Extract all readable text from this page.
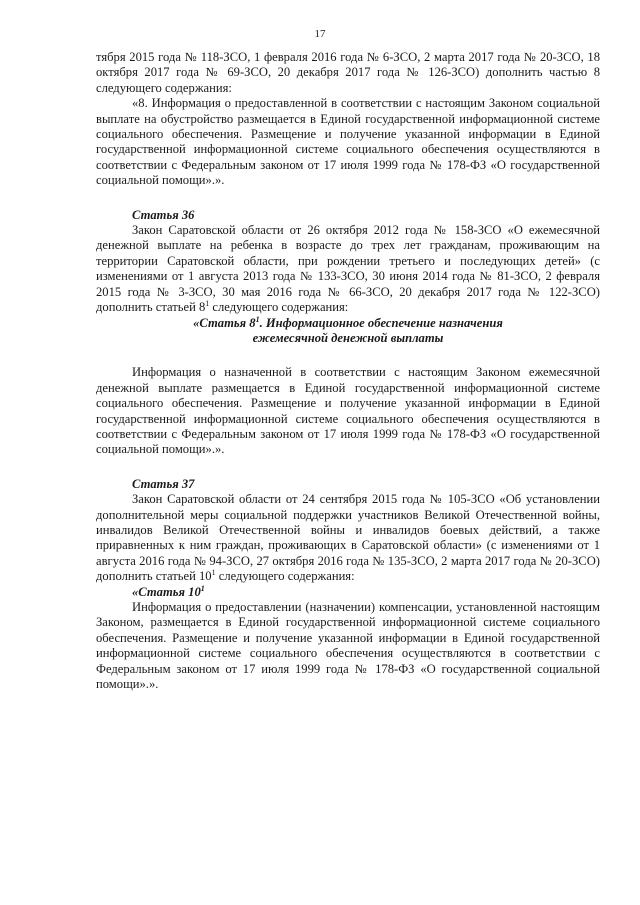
17

тября 2015 года № 118-ЗСО, 1 февраля 2016 года № 6-ЗСО, 2 марта 2017 года № 20-ЗСО, 18 октября 2017 года № 69-ЗСО, 20 декабря 2017 года № 126-ЗСО) дополнить частью 8 следующего содержания:

«8. Информация о предоставленной в соответствии с настоящим Законом социальной выплате на обустройство размещается в Единой государственной информационной системе социального обеспечения. Размещение и получение указанной информации в Единой государственной информационной системе социального обеспечения осуществляются в соответствии с Федеральным законом от 17 июля 1999 года № 178-ФЗ «О государственной социальной помощи».».

Статья 36

Закон Саратовской области от 26 октября 2012 года № 158-ЗСО «О ежемесячной денежной выплате на ребенка в возрасте до трех лет гражданам, проживающим на территории Саратовской области, при рождении третьего и последующих детей» (с изменениями от 1 августа 2013 года № 133-ЗСО, 30 июня 2014 года № 81-ЗСО, 2 февраля 2015 года № 3-ЗСО, 30 мая 2016 года № 66-ЗСО, 20 декабря 2017 года № 122-ЗСО) дополнить статьей $8^1$ следующего содержания:

«Статья $8^1$. Информационное обеспечение назначения
ежемесячной денежной выплаты

Информация о назначенной в соответствии с настоящим Законом ежемесячной денежной выплате размещается в Единой государственной информационной системе социального обеспечения. Размещение и получение указанной информации в Единой государственной информационной системе социального обеспечения осуществляются в соответствии с Федеральным законом от 17 июля 1999 года № 178-ФЗ «О государственной социальной помощи».».

Статья 37

Закон Саратовской области от 24 сентября 2015 года № 105-ЗСО «Об установлении дополнительной меры социальной поддержки участников Великой Отечественной войны, инвалидов Великой Отечественной войны и инвалидов боевых действий, а также приравненных к ним граждан, проживающих в Саратовской области» (с изменениями от 1 августа 2016 года № 94-ЗСО, 27 октября 2016 года № 135-ЗСО, 2 марта 2017 года № 20-ЗСО) дополнить статьей $10^1$ следующего содержания:

«Статья $10^1$

Информация о предоставлении (назначении) компенсации, установленной настоящим Законом, размещается в Единой государственной информационной системе социального обеспечения. Размещение и получение указанной информации в Единой государственной информационной системе социального обеспечения осуществляются в соответствии с Федеральным законом от 17 июля 1999 года № 178-ФЗ «О государственной социальной помощи».».
